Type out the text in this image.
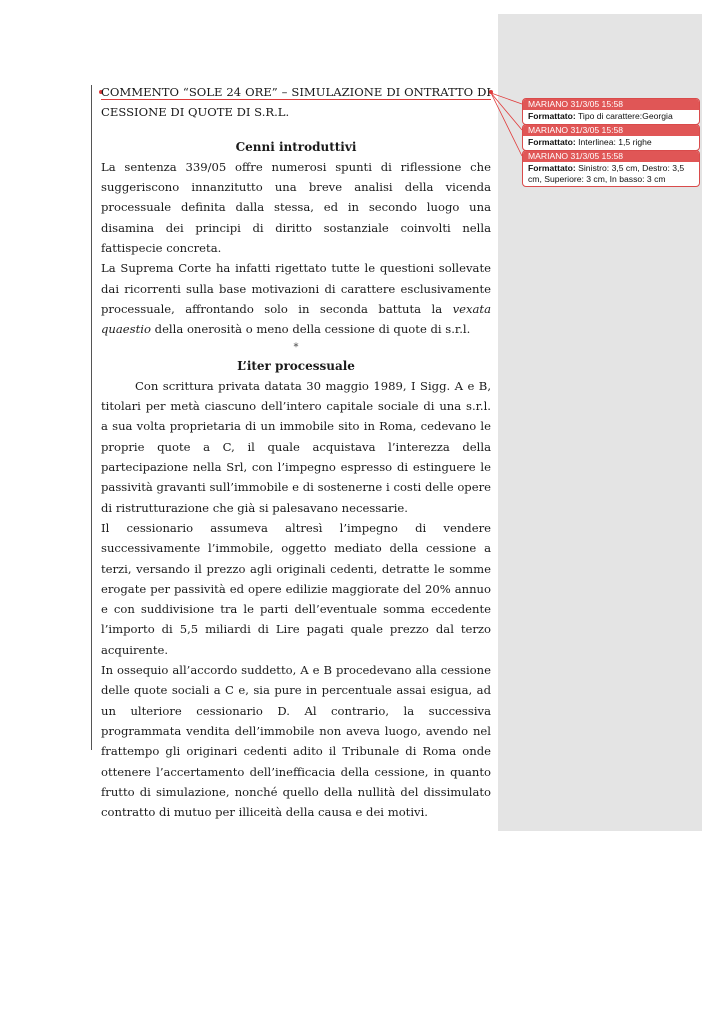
COMMENTO “SOLE 24 ORE” – SIMULAZIONE DI ONTRATTO DI

CESSIONE DI QUOTE DI S.R.L.

Cenni introduttivi

La sentenza 339/05 offre numerosi spunti di riflessione che suggeriscono innanzitutto una breve analisi della vicenda processuale definita dalla stessa, ed in secondo luogo una disamina dei principi di diritto sostanziale coinvolti nella fattispecie concreta.

La Suprema Corte ha infatti rigettato tutte le questioni sollevate dai ricorrenti sulla base motivazioni di carattere esclusivamente processuale, affrontando solo in seconda battuta la vexata quaestio della onerosità o meno della cessione di quote di s.r.l.

*

L’iter processuale

Con scrittura privata datata 30 maggio 1989, I Sigg. A e B, titolari per metà ciascuno dell’intero capitale sociale di una s.r.l. a sua volta proprietaria di un immobile sito in Roma, cedevano le proprie quote a C, il quale acquistava l’interezza della partecipazione nella Srl, con l’impegno espresso di estinguere le passività gravanti sull’immobile e di sostenerne i costi delle opere di ristrutturazione che già si palesavano necessarie.

Il cessionario assumeva altresì l’impegno di vendere successivamente l’immobile, oggetto mediato della cessione a terzi, versando il prezzo agli originali cedenti, detratte le somme erogate per passività ed opere edilizie maggiorate del 20% annuo e con suddivisione tra le parti dell’eventuale somma eccedente l’importo di 5,5 miliardi di Lire pagati quale prezzo dal terzo acquirente.

In ossequio all’accordo suddetto, A e B procedevano alla cessione delle quote sociali a C e, sia pure in percentuale assai esigua, ad un ulteriore cessionario D. Al contrario, la successiva programmata vendita dell’immobile non aveva luogo, avendo nel frattempo gli originari cedenti adito il Tribunale di Roma onde ottenere l’accertamento dell’inefficacia della cessione, in quanto frutto di simulazione, nonché quello della nullità del dissimulato contratto di mutuo per illiceità della causa e dei motivi.

MARIANO 31/3/05 15:58
Formattato: Tipo di carattere:Georgia
MARIANO 31/3/05 15:58
Formattato: Interlinea: 1,5 righe
MARIANO 31/3/05 15:58
Formattato: Sinistro: 3,5 cm, Destro: 3,5 cm, Superiore: 3 cm, In basso: 3 cm
